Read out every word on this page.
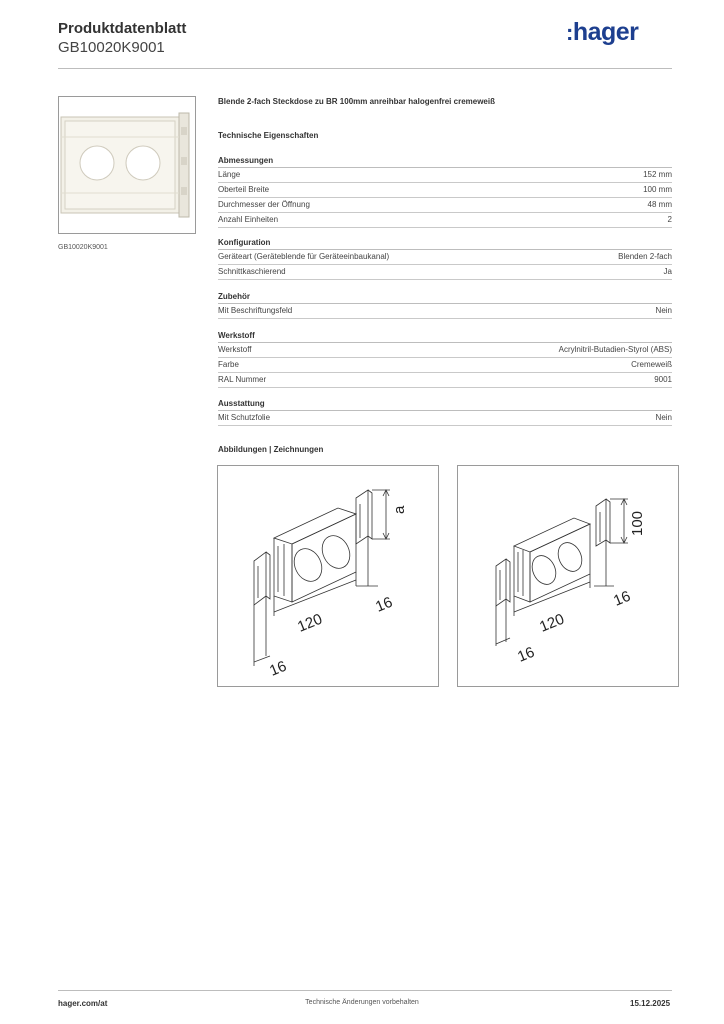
Produktdatenblatt
GB10020K9001
:hager
GB10020K9001
Blende 2-fach Steckdose zu BR 100mm anreihbar halogenfrei cremeweiß
Technische Eigenschaften
Abmessungen
Länge	152 mm
Oberteil Breite	100 mm
Durchmesser der Öffnung	48 mm
Anzahl Einheiten	2
Konfiguration
Geräteart (Geräteblende für Geräteeinbaukanal)	Blenden 2-fach
Schnittkaschierend	Ja
Zubehör
Mit Beschriftungsfeld	Nein
Werkstoff
Werkstoff	Acrylnitril-Butadien-Styrol (ABS)
Farbe	Cremeweiß
RAL Nummer	9001
Ausstattung
Mit Schutzfolie	Nein
Abbildungen | Zeichnungen
a
120
16
16
100
120
16
16
hager.com/at	Technische Änderungen vorbehalten	15.12.2025
